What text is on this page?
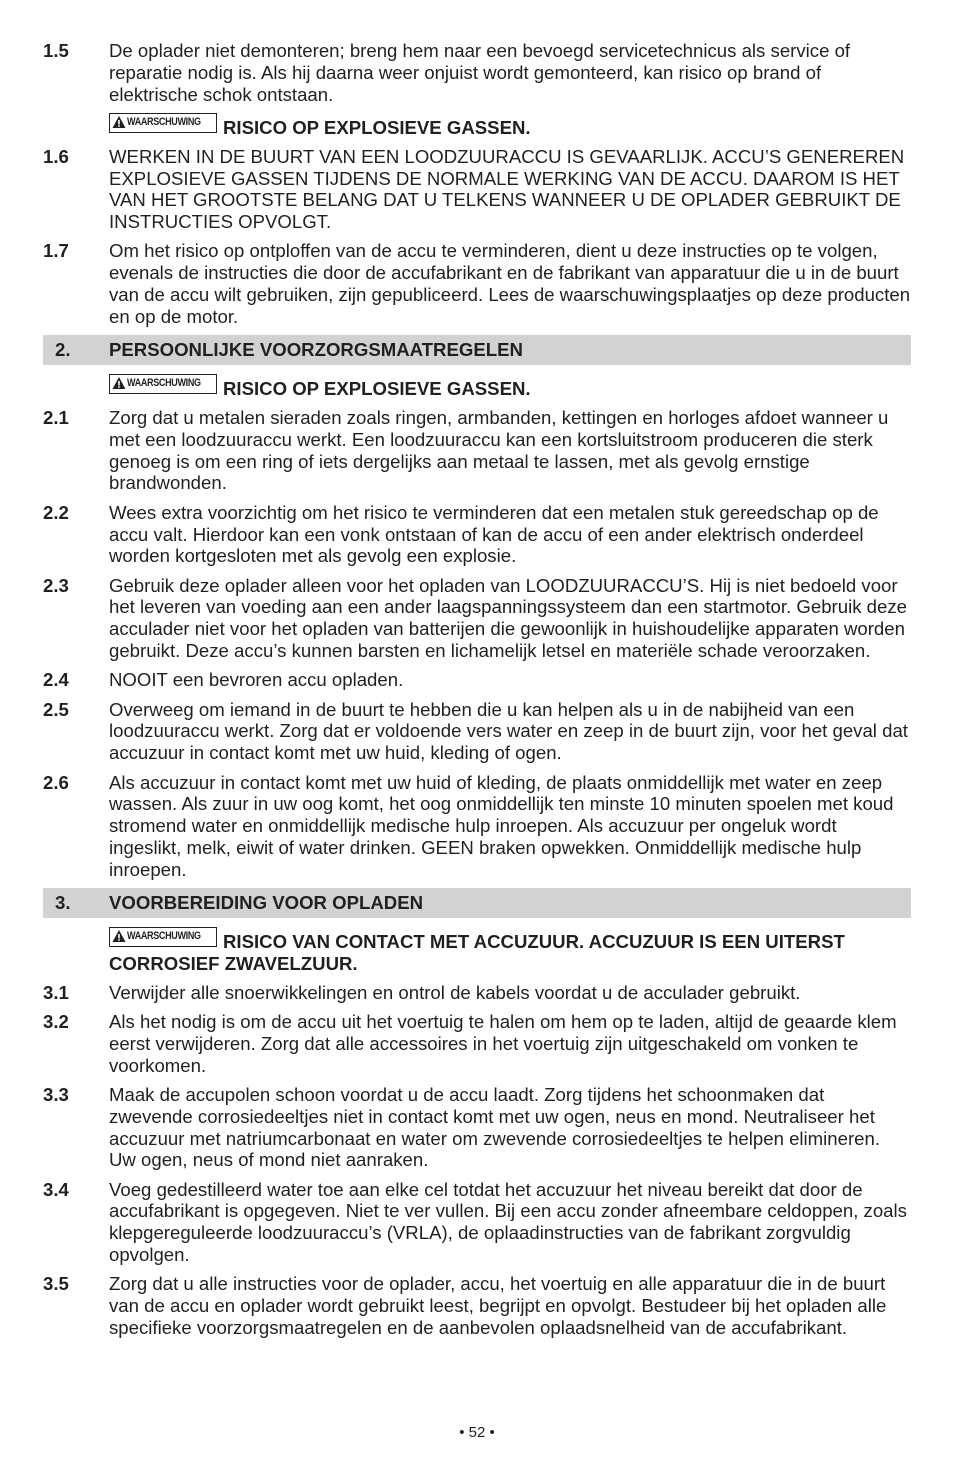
1.5	De oplader niet demonteren; breng hem naar een bevoegd servicetechnicus als service of reparatie nodig is. Als hij daarna weer onjuist wordt gemonteerd, kan risico op brand of elektrische schok ontstaan.
WAARSCHUWING RISICO OP EXPLOSIEVE GASSEN.
1.6	WERKEN IN DE BUURT VAN EEN LOODZUURACCU IS GEVAARLIJK. ACCU’S GENEREREN EXPLOSIEVE GASSEN TIJDENS DE NORMALE WERKING VAN DE ACCU. DAAROM IS HET VAN HET GROOTSTE BELANG DAT U TELKENS WANNEER U DE OPLADER GEBRUIKT DE INSTRUCTIES OPVOLGT.
1.7	Om het risico op ontploffen van de accu te verminderen, dient u deze instructies op te volgen, evenals de instructies die door de accufabrikant en de fabrikant van apparatuur die u in de buurt van de accu wilt gebruiken, zijn gepubliceerd. Lees de waarschuwingsplaatjes op deze producten en op de motor.
2.	PERSOONLIJKE VOORZORGSMAATREGELEN
WAARSCHUWING RISICO OP EXPLOSIEVE GASSEN.
2.1	Zorg dat u metalen sieraden zoals ringen, armbanden, kettingen en horloges afdoet wanneer u met een loodzuuraccu werkt. Een loodzuuraccu kan een kortsluitstroom produceren die sterk genoeg is om een ring of iets dergelijks aan metaal te lassen, met als gevolg ernstige brandwonden.
2.2	Wees extra voorzichtig om het risico te verminderen dat een metalen stuk gereedschap op de accu valt. Hierdoor kan een vonk ontstaan of kan de accu of een ander elektrisch onderdeel worden kortgesloten met als gevolg een explosie.
2.3	Gebruik deze oplader alleen voor het opladen van LOODZUURACCU’S. Hij is niet bedoeld voor het leveren van voeding aan een ander laagspanningssysteem dan een startmotor. Gebruik deze acculader niet voor het opladen van batterijen die gewoonlijk in huishoudelijke apparaten worden gebruikt. Deze accu’s kunnen barsten en lichamelijk letsel en materiële schade veroorzaken.
2.4	NOOIT een bevroren accu opladen.
2.5	Overweeg om iemand in de buurt te hebben die u kan helpen als u in de nabijheid van een loodzuuraccu werkt. Zorg dat er voldoende vers water en zeep in de buurt zijn, voor het geval dat accuzuur in contact komt met uw huid, kleding of ogen.
2.6	Als accuzuur in contact komt met uw huid of kleding, de plaats onmiddellijk met water en zeep wassen. Als zuur in uw oog komt, het oog onmiddellijk ten minste 10 minuten spoelen met koud stromend water en onmiddellijk medische hulp inroepen. Als accuzuur per ongeluk wordt ingeslikt, melk, eiwit of water drinken. GEEN braken opwekken. Onmiddellijk medische hulp inroepen.
3.	VOORBEREIDING VOOR OPLADEN
WAARSCHUWING RISICO VAN CONTACT MET ACCUZUUR. ACCUZUUR IS EEN UITERST CORROSIEF ZWAVELZUUR.
3.1	Verwijder alle snoerwikkelingen en ontrol de kabels voordat u de acculader gebruikt.
3.2	Als het nodig is om de accu uit het voertuig te halen om hem op te laden, altijd de geaarde klem eerst verwijderen. Zorg dat alle accessoires in het voertuig zijn uitgeschakeld om vonken te voorkomen.
3.3	Maak de accupolen schoon voordat u de accu laadt. Zorg tijdens het schoonmaken dat zwevende corrosiedeeltjes niet in contact komt met uw ogen, neus en mond. Neutraliseer het accuzuur met natriumcarbonaat en water om zwevende corrosiedeeltjes te helpen elimineren. Uw ogen, neus of mond niet aanraken.
3.4	Voeg gedestilleerd water toe aan elke cel totdat het accuzuur het niveau bereikt dat door de accufabrikant is opgegeven. Niet te ver vullen. Bij een accu zonder afneembare celdoppen, zoals klepgereguleerde loodzuuraccu’s (VRLA), de oplaadinstructies van de fabrikant zorgvuldig opvolgen.
3.5	Zorg dat u alle instructies voor de oplader, accu, het voertuig en alle apparatuur die in de buurt van de accu en oplader wordt gebruikt leest, begrijpt en opvolgt. Bestudeer bij het opladen alle specifieke voorzorgsmaatregelen en de aanbevolen oplaadsnelheid van de accufabrikant.
• 52 •
